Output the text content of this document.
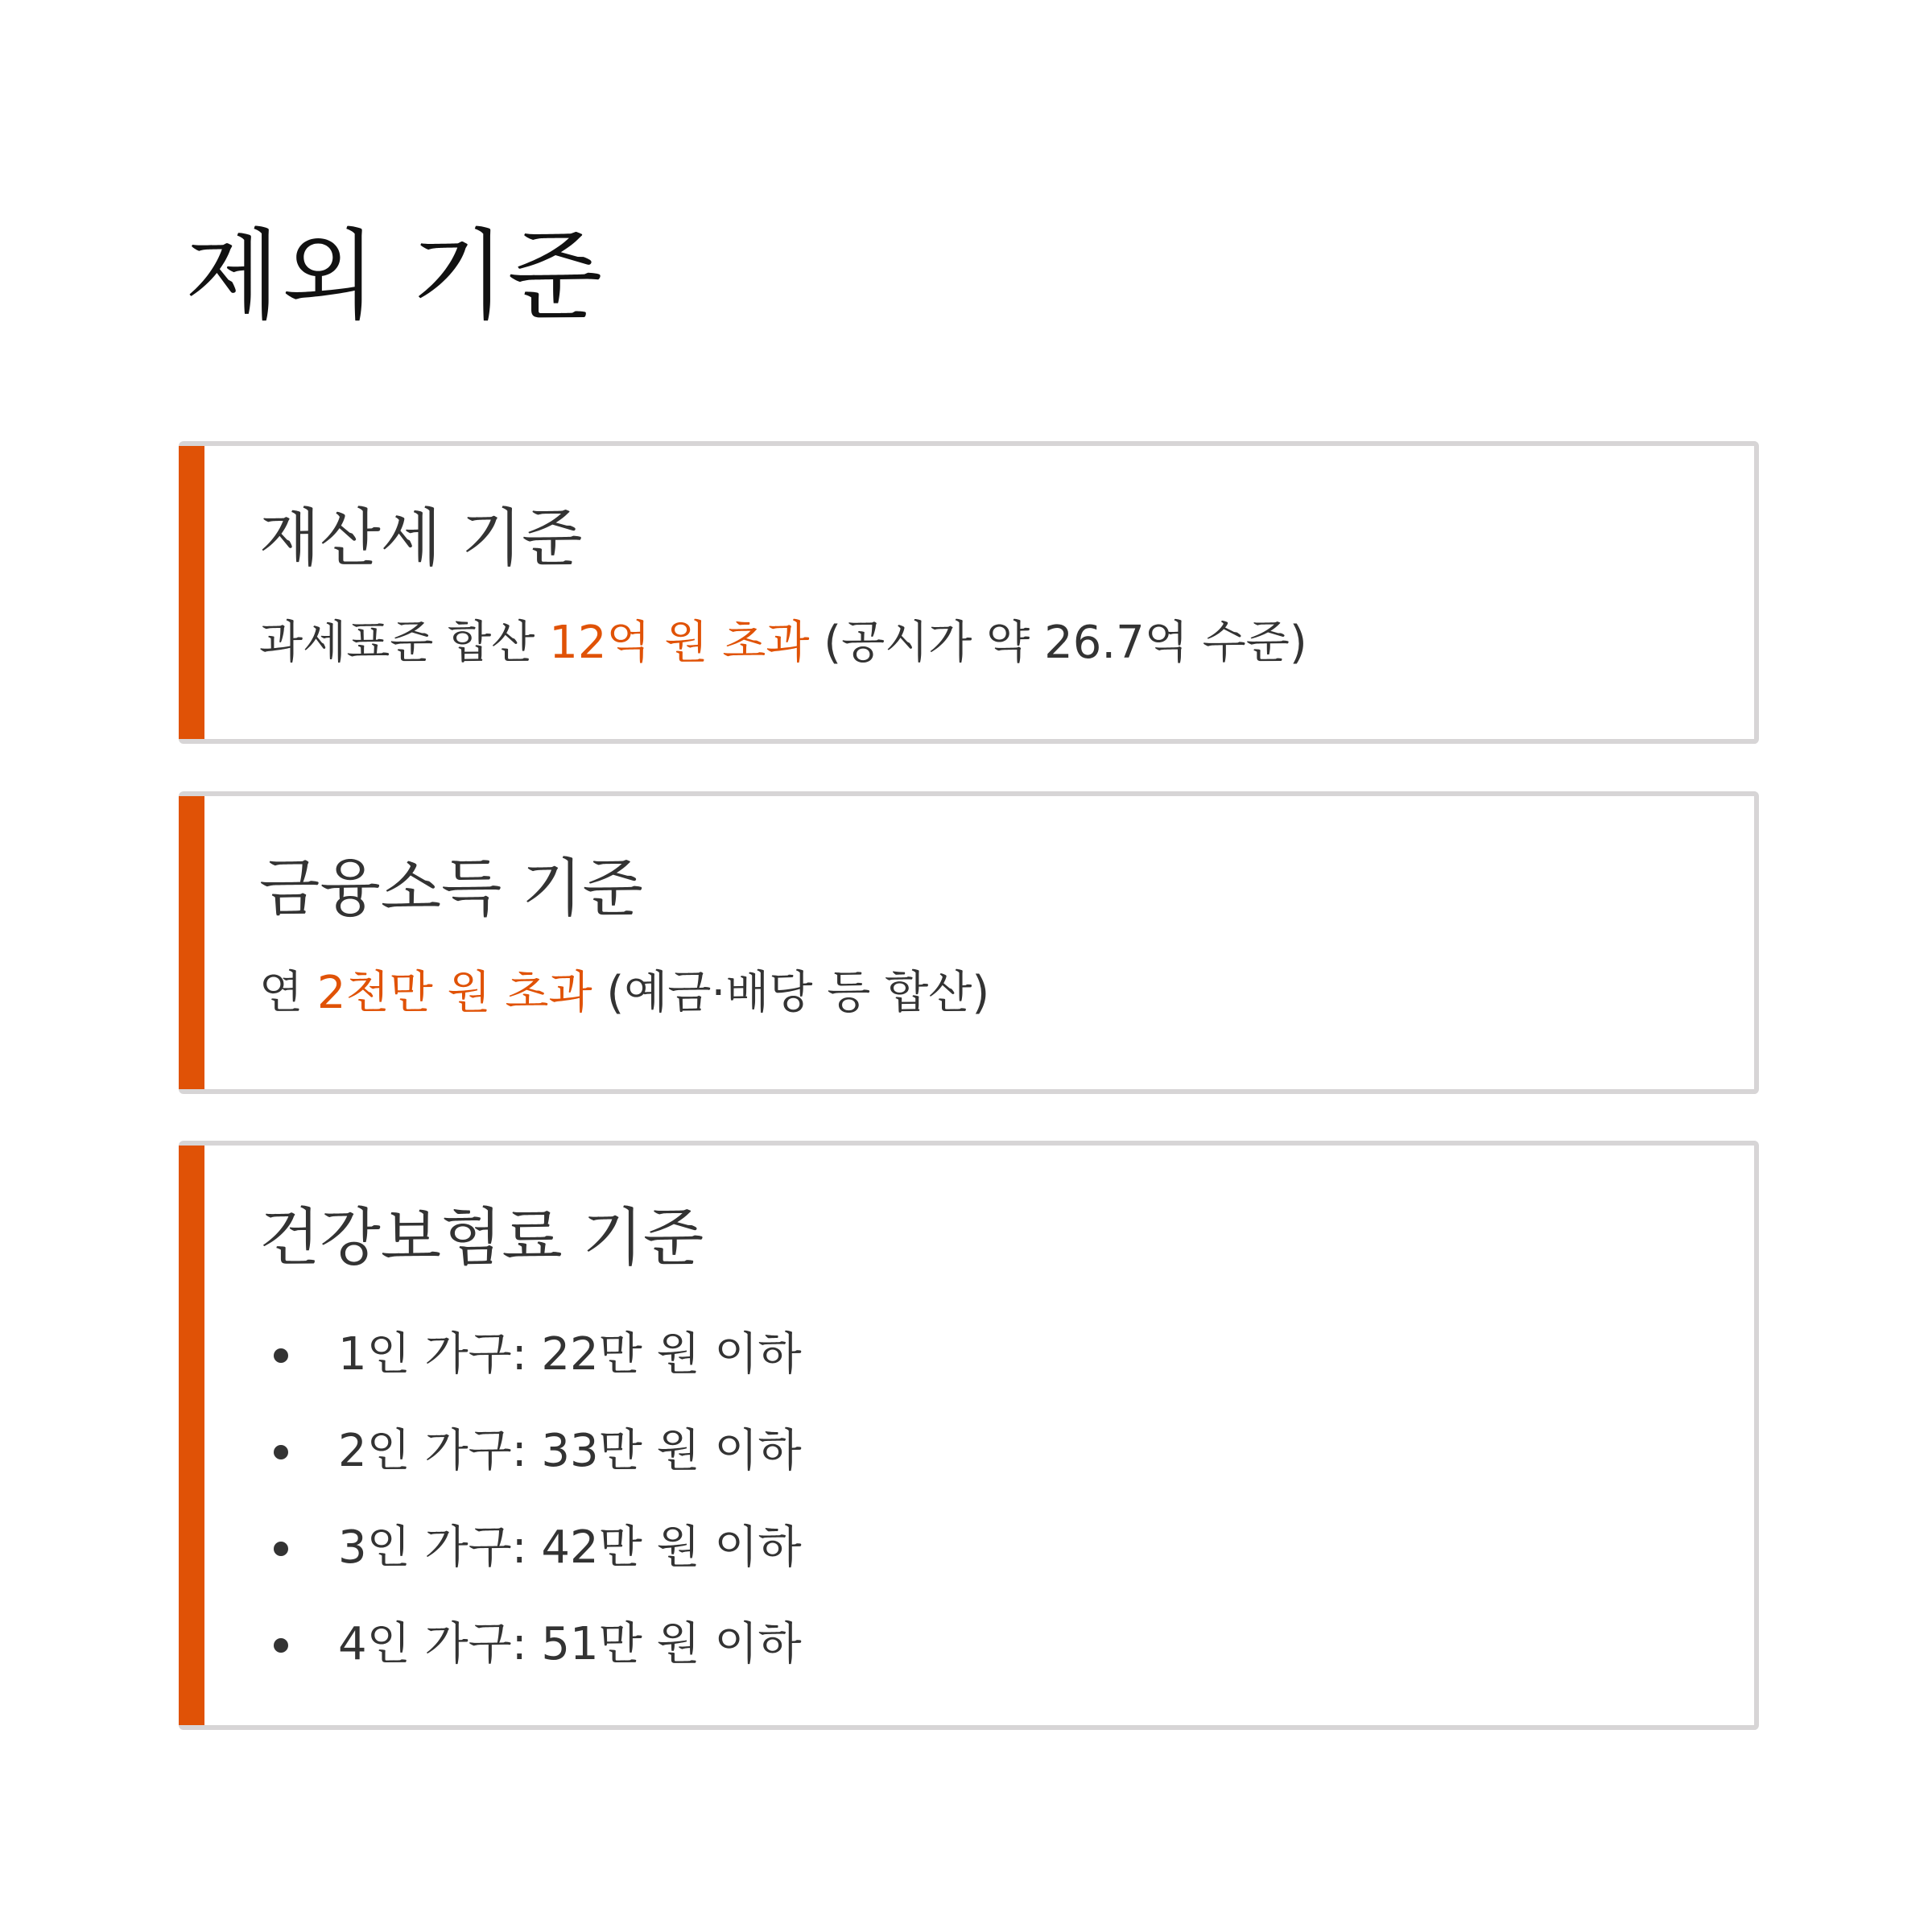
제외 기준
재산세 기준

과세표준 합산 12억 원 초과 (공시가 약 26.7억 수준)

금융소득 기준

연 2천만 원 초과 (예금·배당 등 합산)

건강보험료 기준
1인 가구: 22만 원 이하
2인 가구: 33만 원 이하
3인 가구: 42만 원 이하
4인 가구: 51만 원 이하
